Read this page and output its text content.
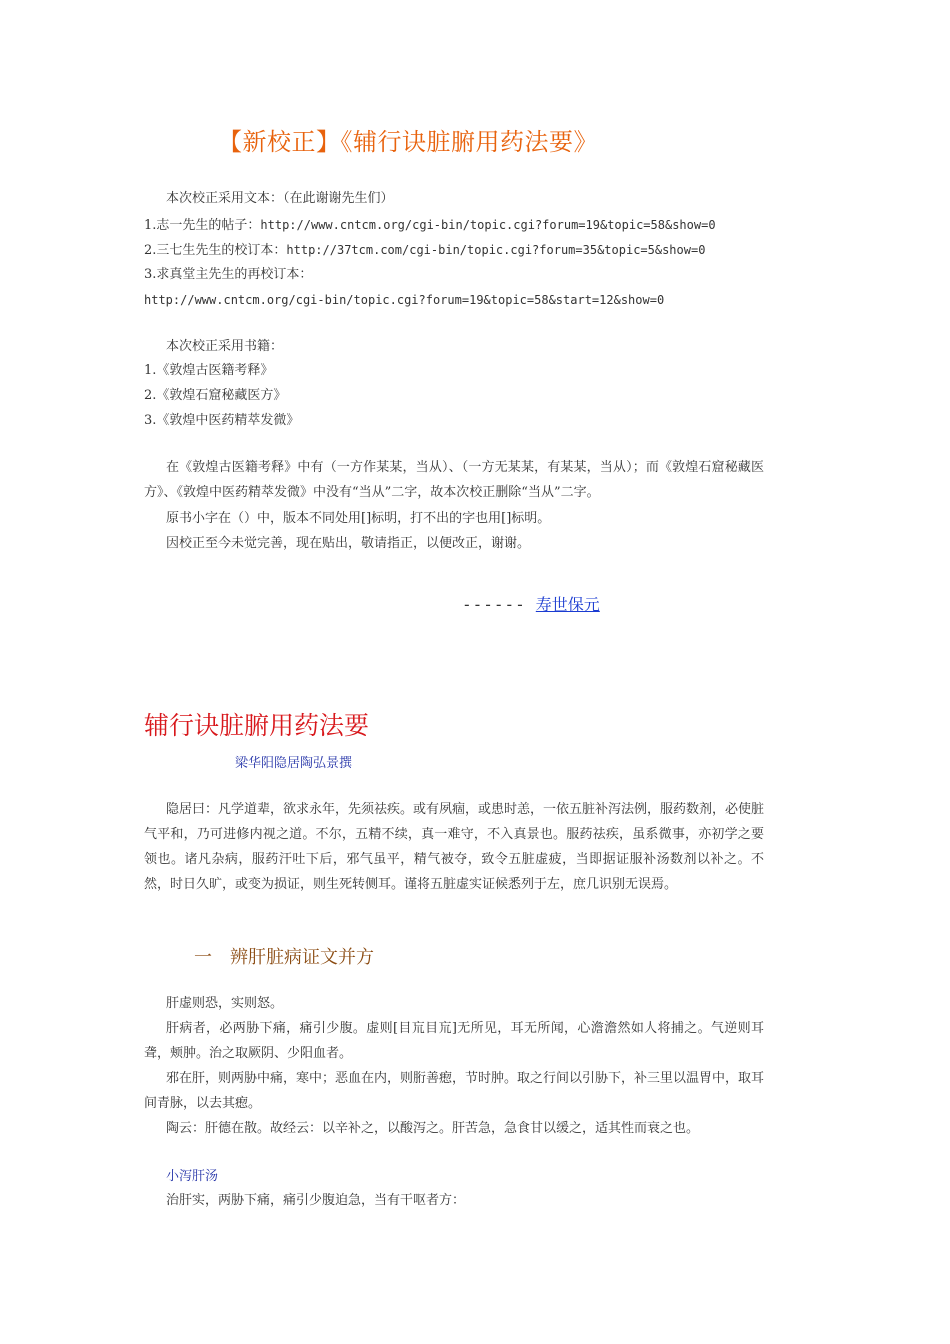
【新校正】《辅行诀脏腑用药法要》
本次校正采用文本：（在此谢谢先生们）
1.志一先生的帖子：http://www.cntcm.org/cgi-bin/topic.cgi?forum=19&topic=58&show=0
2.三七生先生的校订本：http://37tcm.com/cgi-bin/topic.cgi?forum=35&topic=5&show=0
3.求真堂主先生的再校订本：
http://www.cntcm.org/cgi-bin/topic.cgi?forum=19&topic=58&start=12&show=0
本次校正采用书籍：
1.《敦煌古医籍考释》
2.《敦煌石窟秘藏医方》
3.《敦煌中医药精萃发微》
在《敦煌古医籍考释》中有（一方作某某，当从）、（一方无某某，有某某，当从）；而《敦煌石窟秘藏医方》、《敦煌中医药精萃发微》中没有“当从”二字，故本次校正删除“当从”二字。
原书小字在（）中，版本不同处用[]标明，打不出的字也用[]标明。
因校正至今未觉完善，现在贴出，敬请指正，以便改正，谢谢。
------ 寿世保元
辅行诀脏腑用药法要
梁华阳隐居陶弘景撰
隐居曰：凡学道辈，欲求永年，先须祛疾。或有夙痼，或患时恙，一依五脏补泻法例，服药数剂，必使脏气平和，乃可进修内视之道。不尔，五精不续，真一难守，不入真景也。服药祛疾，虽系微事，亦初学之要领也。诸凡杂病，服药汗吐下后，邪气虽平，精气被夺，致令五脏虚疲，当即据证服补汤数剂以补之。不然，时日久旷，或变为损证，则生死转侧耳。谨将五脏虚实证候悉列于左，庶几识别无误焉。
一 辨肝脏病证文并方
肝虚则恐，实则怒。
肝病者，必两胁下痛，痛引少腹。虚则[目巟目巟]无所见，耳无所闻，心澹澹然如人将捕之。气逆则耳聋，颊肿。治之取厥阴、少阳血者。
邪在肝，则两胁中痛，寒中；恶血在内，则胻善瘛，节时肿。取之行间以引胁下，补三里以温胃中，取耳间青脉，以去其瘛。
陶云：肝德在散。故经云：以辛补之，以酸泻之。肝苦急，急食甘以缓之，适其性而衰之也。
小泻肝汤
治肝实，两胁下痛，痛引少腹迫急，当有干呕者方：
